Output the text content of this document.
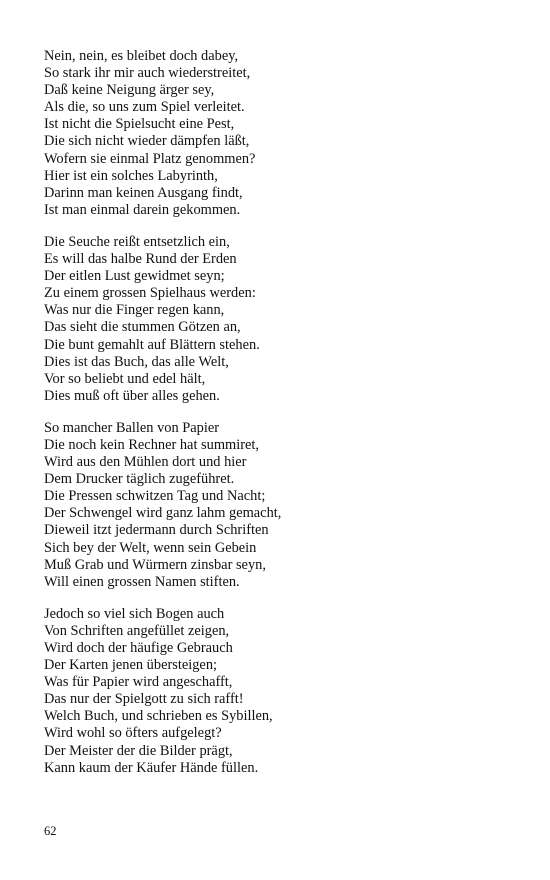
Nein, nein, es bleibet doch dabey,
So stark ihr mir auch wiederstreitet,
Daß keine Neigung ärger sey,
Als die, so uns zum Spiel verleitet.
Ist nicht die Spielsucht eine Pest,
Die sich nicht wieder dämpfen läßt,
Wofern sie einmal Platz genommen?
Hier ist ein solches Labyrinth,
Darinn man keinen Ausgang findt,
Ist man einmal darein gekommen.
Die Seuche reißt entsetzlich ein,
Es will das halbe Rund der Erden
Der eitlen Lust gewidmet seyn;
Zu einem grossen Spielhaus werden:
Was nur die Finger regen kann,
Das sieht die stummen Götzen an,
Die bunt gemahlt auf Blättern stehen.
Dies ist das Buch, das alle Welt,
Vor so beliebt und edel hält,
Dies muß oft über alles gehen.
So mancher Ballen von Papier
Die noch kein Rechner hat summiret,
Wird aus den Mühlen dort und hier
Dem Drucker täglich zugeführet.
Die Pressen schwitzen Tag und Nacht;
Der Schwengel wird ganz lahm gemacht,
Dieweil itzt jedermann durch Schriften
Sich bey der Welt, wenn sein Gebein
Muß Grab und Würmern zinsbar seyn,
Will einen grossen Namen stiften.
Jedoch so viel sich Bogen auch
Von Schriften angefüllet zeigen,
Wird doch der häufige Gebrauch
Der Karten jenen übersteigen;
Was für Papier wird angeschafft,
Das nur der Spielgott zu sich rafft!
Welch Buch, und schrieben es Sybillen,
Wird wohl so öfters aufgelegt?
Der Meister der die Bilder prägt,
Kann kaum der Käufer Hände füllen.
62
